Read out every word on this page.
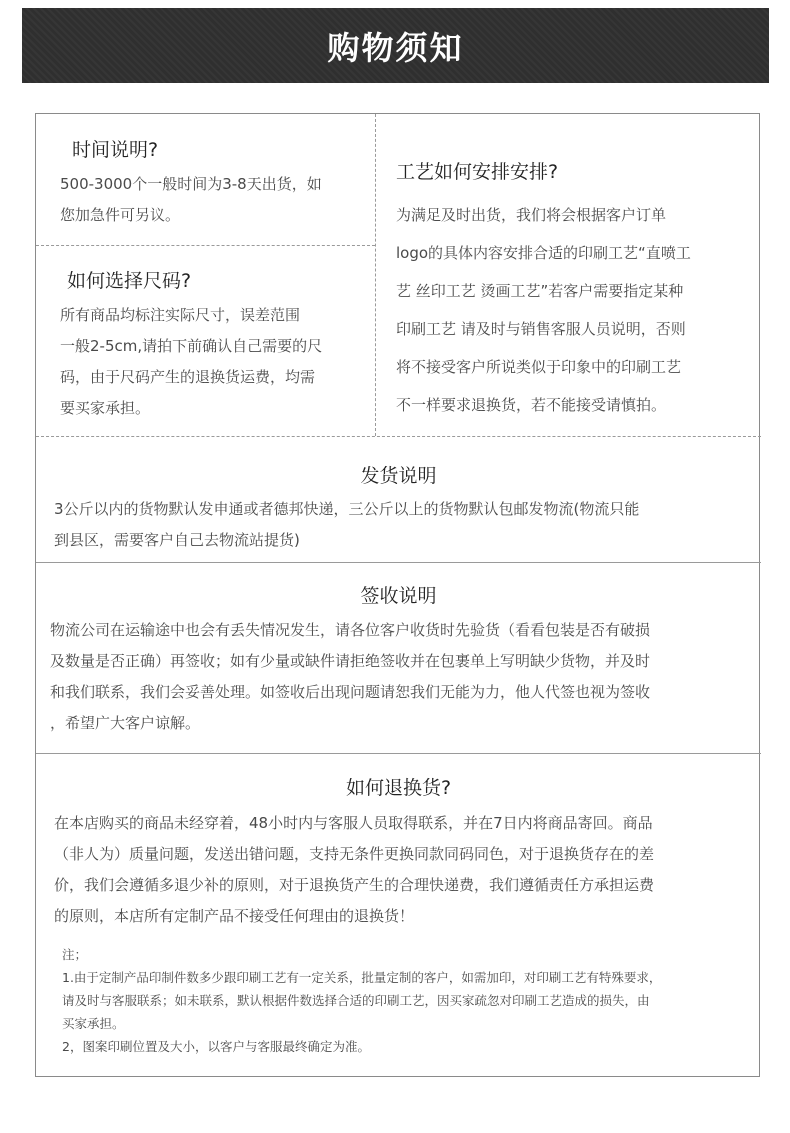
购物须知
时间说明?
500-3000个一般时间为3-8天出货，如
您加急件可另议。
如何选择尺码?
所有商品均标注实际尺寸，误差范围
一般2-5cm,请拍下前确认自己需要的尺
码，由于尺码产生的退换货运费，均需
要买家承担。
工艺如何安排安排?
为满足及时出货，我们将会根据客户订单
logo的具体内容安排合适的印刷工艺“直喷工
艺 丝印工艺 烫画工艺”若客户需要指定某种
印刷工艺 请及时与销售客服人员说明，否则
将不接受客户所说类似于印象中的印刷工艺
不一样要求退换货，若不能接受请慎拍。
发货说明
3公斤以内的货物默认发申通或者德邦快递，三公斤以上的货物默认包邮发物流(物流只能
到县区，需要客户自己去物流站提货)
签收说明
物流公司在运输途中也会有丢失情况发生，请各位客户收货时先验货（看看包装是否有破损
及数量是否正确）再签收；如有少量或缺件请拒绝签收并在包裹单上写明缺少货物，并及时
和我们联系，我们会妥善处理。如签收后出现问题请恕我们无能为力，他人代签也视为签收
，希望广大客户谅解。
如何退换货?
在本店购买的商品未经穿着，48小时内与客服人员取得联系，并在7日内将商品寄回。商品
（非人为）质量问题，发送出错问题，支持无条件更换同款同码同色，对于退换货存在的差
价，我们会遵循多退少补的原则，对于退换货产生的合理快递费，我们遵循责任方承担运费
的原则，本店所有定制产品不接受任何理由的退换货！
注；
1.由于定制产品印制件数多少跟印刷工艺有一定关系，批量定制的客户，如需加印，对印刷工艺有特殊要求，
请及时与客服联系；如未联系，默认根据件数选择合适的印刷工艺，因买家疏忽对印刷工艺造成的损失，由
买家承担。
2，图案印刷位置及大小，以客户与客服最终确定为准。
